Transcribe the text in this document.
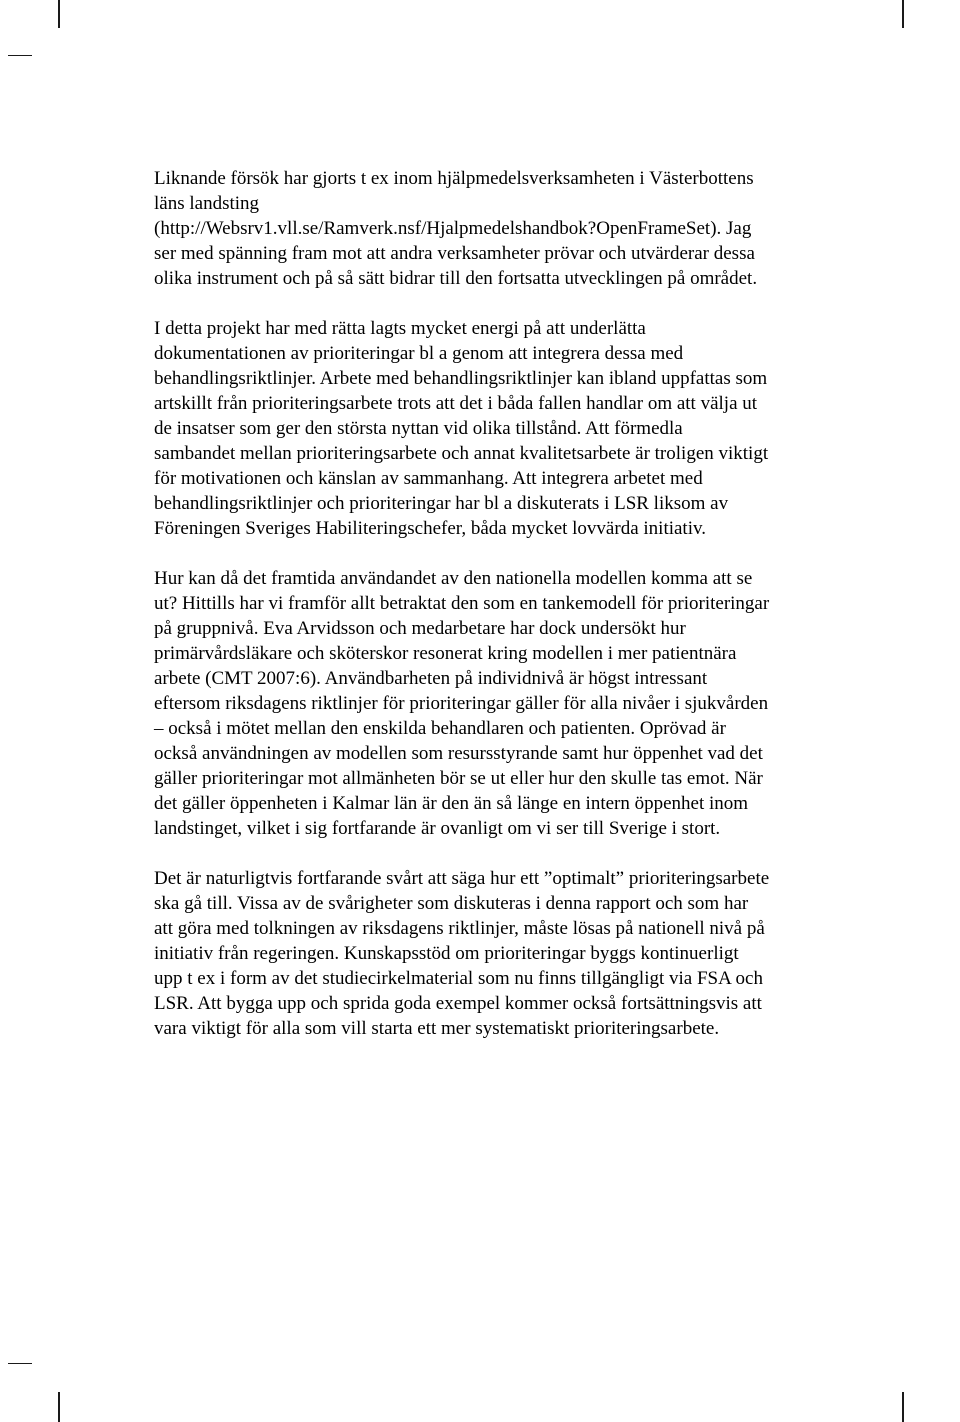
Liknande försök har gjorts t ex inom hjälpmedelsverksamheten i Västerbottens
läns landsting
(http://Websrv1.vll.se/Ramverk.nsf/Hjalpmedelshandbok?OpenFrameSet). Jag
ser med spänning fram mot att andra verksamheter prövar och utvärderar dessa
olika instrument och på så sätt bidrar till den fortsatta utvecklingen på området.
I detta projekt har med rätta lagts mycket energi på att underlätta
dokumentationen av prioriteringar bl a genom att integrera dessa med
behandlingsriktlinjer. Arbete med behandlingsriktlinjer kan ibland uppfattas som
artskillt från prioriteringsarbete trots att det i båda fallen handlar om att välja ut
de insatser som ger den största nyttan vid olika tillstånd. Att förmedla
sambandet mellan prioriteringsarbete och annat kvalitetsarbete är troligen viktigt
för motivationen och känslan av sammanhang. Att integrera arbetet med
behandlingsriktlinjer och prioriteringar har bl a diskuterats i LSR liksom av
Föreningen Sveriges Habiliteringschefer, båda mycket lovvärda initiativ.
Hur kan då det framtida användandet av den nationella modellen komma att se
ut? Hittills har vi framför allt betraktat den som en tankemodell för prioriteringar
på gruppnivå. Eva Arvidsson och medarbetare har dock undersökt hur
primärvårdsläkare och sköterskor resonerat kring modellen i mer patientnära
arbete (CMT 2007:6). Användbarheten på individnivå är högst intressant
eftersom riksdagens riktlinjer för prioriteringar gäller för alla nivåer i sjukvården
– också i mötet mellan den enskilda behandlaren och patienten. Oprövad är
också användningen av modellen som resursstyrande samt hur öppenhet vad det
gäller prioriteringar mot allmänheten bör se ut eller hur den skulle tas emot. När
det gäller öppenheten i Kalmar län är den än så länge en intern öppenhet inom
landstinget, vilket i sig fortfarande är ovanligt om vi ser till Sverige i stort.
Det är naturligtvis fortfarande svårt att säga hur ett ”optimalt” prioriteringsarbete
ska gå till. Vissa av de svårigheter som diskuteras i denna rapport och som har
att göra med tolkningen av riksdagens riktlinjer, måste lösas på nationell nivå på
initiativ från regeringen. Kunskapsstöd om prioriteringar byggs kontinuerligt
upp t ex i form av det studiecirkelmaterial som nu finns tillgängligt via FSA och
LSR. Att bygga upp och sprida goda exempel kommer också fortsättningsvis att
vara viktigt för alla som vill starta ett mer systematiskt prioriteringsarbete.
